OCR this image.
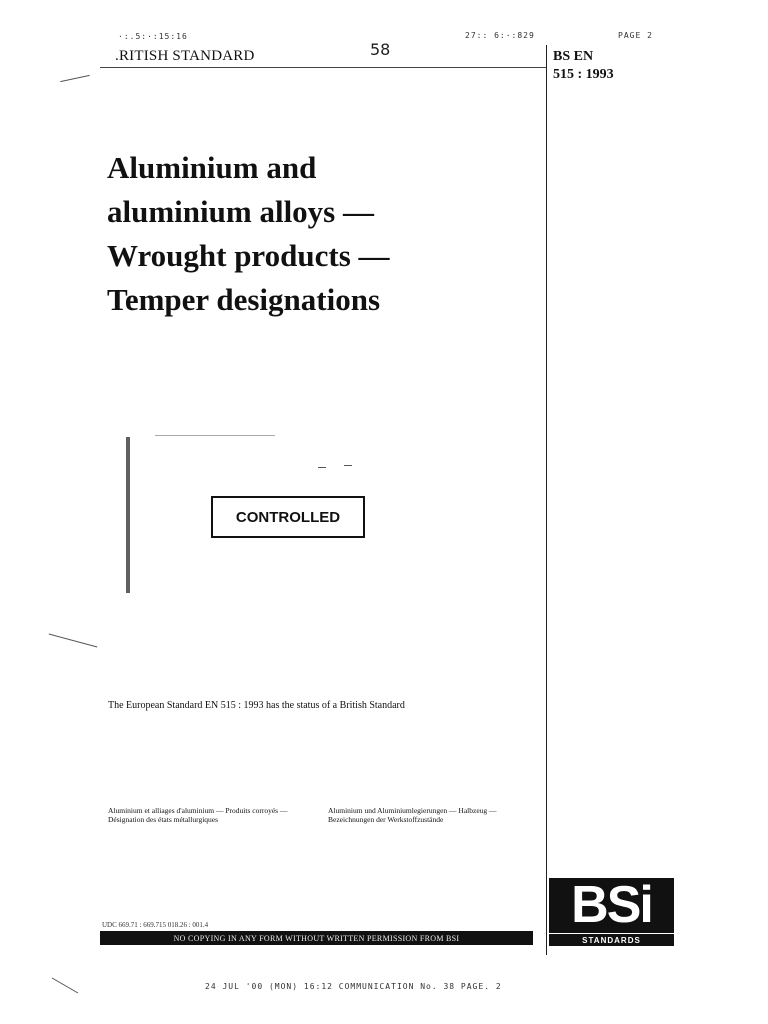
·:.5:·:15:16	27:: 6:·:829	PAGE 2
58
.RITISH STANDARD	BS EN
515 : 1993
Aluminium and
aluminium alloys —
Wrought products —
Temper designations
CONTROLLED
The European Standard EN 515 : 1993 has the status of a British Standard
Aluminium et alliages d'aluminium — Produits corroyés — Désignation des états métallurgiques
Aluminium und Aluminiumlegierungen — Halbzeug — Bezeichnungen der Werkstoffzustände
UDC 669.71 : 669.715 018.26 : 001.4
NO COPYING IN ANY FORM WITHOUT WRITTEN PERMISSION FROM BSI
BSi
STANDARDS
24 JUL '00 (MON) 16:12 COMMUNICATION No. 38 PAGE. 2
